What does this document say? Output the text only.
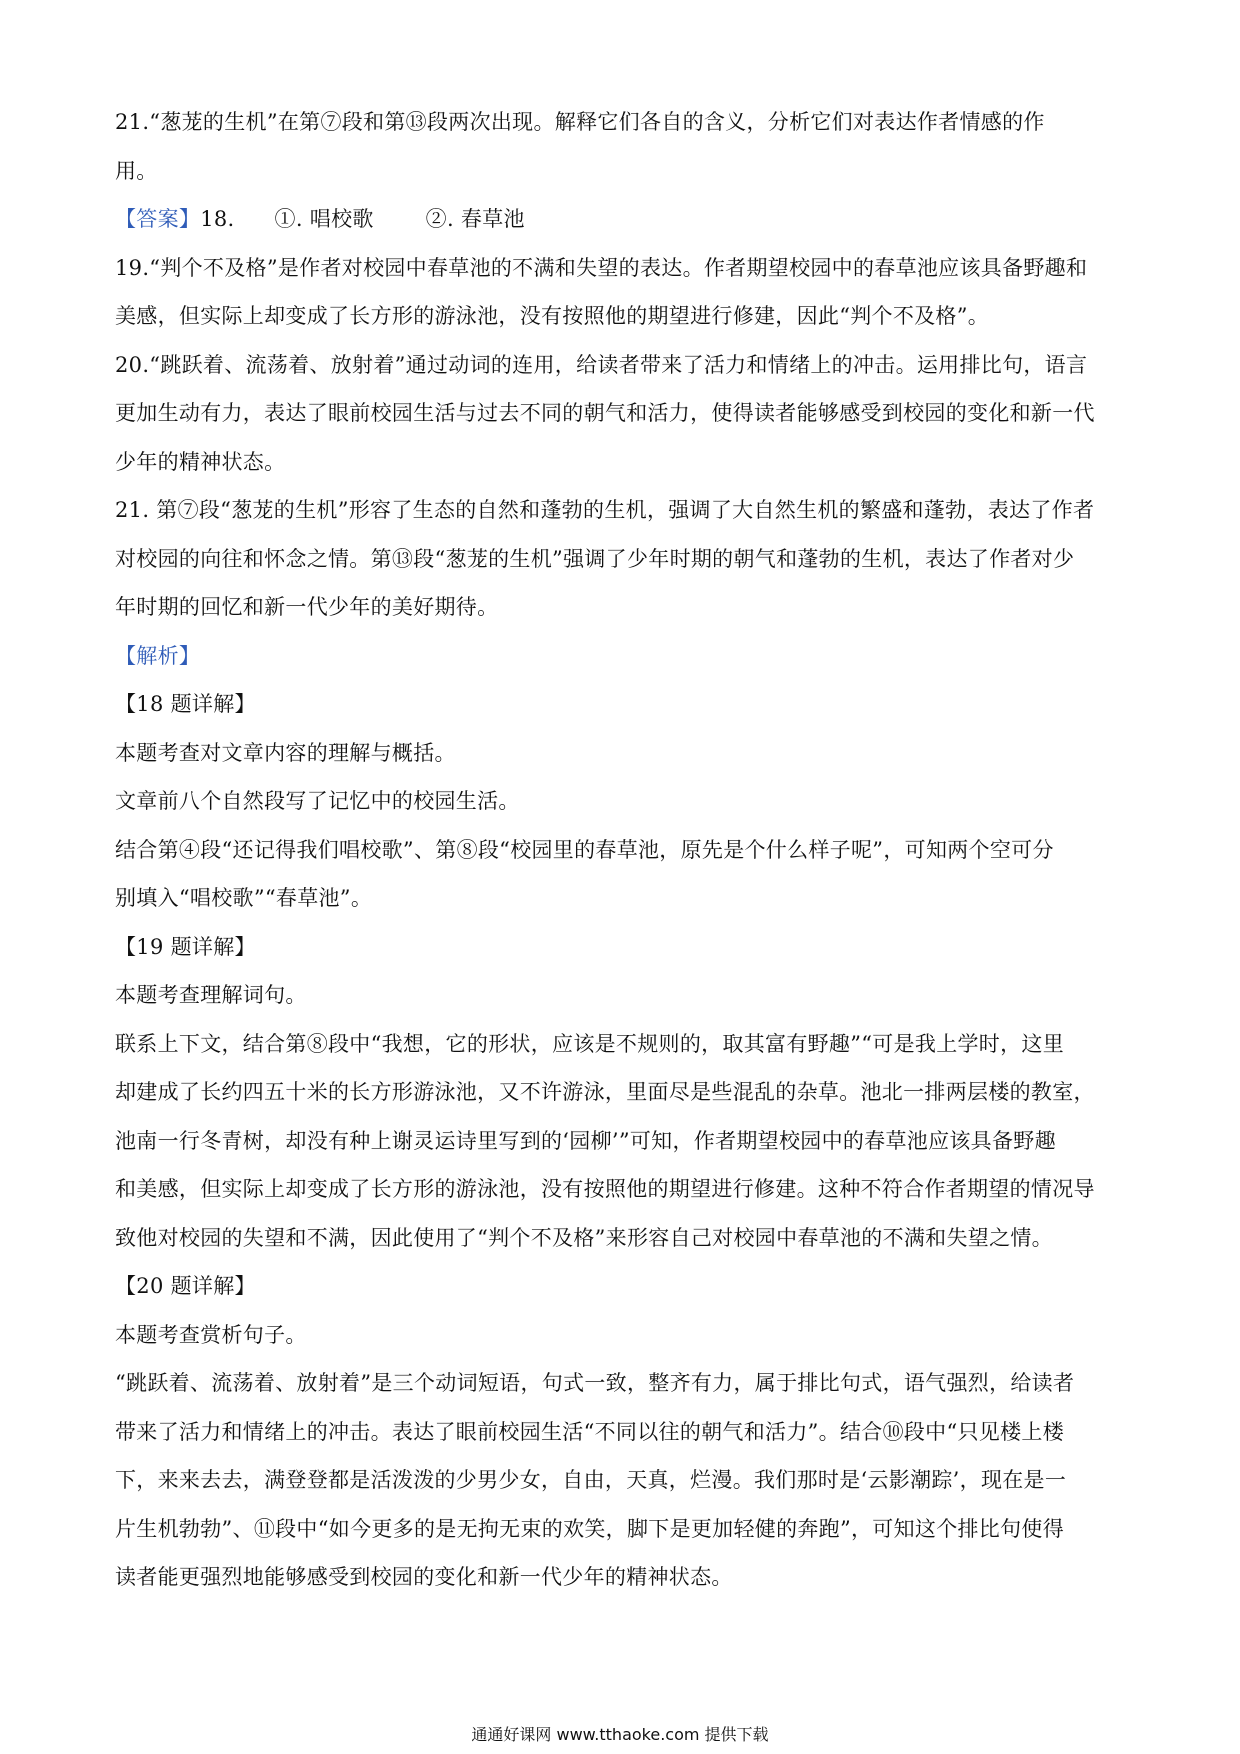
21.“葱茏的生机”在第⑦段和第⑬段两次出现。解释它们各自的含义，分析它们对表达作者情感的作

用。

【答案】18. ①. 唱校歌 ②. 春草池

19.“判个不及格”是作者对校园中春草池的不满和失望的表达。作者期望校园中的春草池应该具备野趣和

美感，但实际上却变成了长方形的游泳池，没有按照他的期望进行修建，因此“判个不及格”。

20.“跳跃着、流荡着、放射着”通过动词的连用，给读者带来了活力和情绪上的冲击。运用排比句，语言

更加生动有力，表达了眼前校园生活与过去不同的朝气和活力，使得读者能够感受到校园的变化和新一代

少年的精神状态。

21. 第⑦段“葱茏的生机”形容了生态的自然和蓬勃的生机，强调了大自然生机的繁盛和蓬勃，表达了作者

对校园的向往和怀念之情。第⑬段“葱茏的生机”强调了少年时期的朝气和蓬勃的生机，表达了作者对少

年时期的回忆和新一代少年的美好期待。

【解析】

【18 题详解】

本题考查对文章内容的理解与概括。

文章前八个自然段写了记忆中的校园生活。

结合第④段“还记得我们唱校歌”、第⑧段“校园里的春草池，原先是个什么样子呢”，可知两个空可分

别填入“唱校歌”“春草池”。

【19 题详解】

本题考查理解词句。

联系上下文，结合第⑧段中“我想，它的形状，应该是不规则的，取其富有野趣”“可是我上学时，这里

却建成了长约四五十米的长方形游泳池，又不许游泳，里面尽是些混乱的杂草。池北一排两层楼的教室，

池南一行冬青树，却没有种上谢灵运诗里写到的‘园柳’”可知，作者期望校园中的春草池应该具备野趣

和美感，但实际上却变成了长方形的游泳池，没有按照他的期望进行修建。这种不符合作者期望的情况导

致他对校园的失望和不满，因此使用了“判个不及格”来形容自己对校园中春草池的不满和失望之情。

【20 题详解】

本题考查赏析句子。

“跳跃着、流荡着、放射着”是三个动词短语，句式一致，整齐有力，属于排比句式，语气强烈，给读者

带来了活力和情绪上的冲击。表达了眼前校园生活“不同以往的朝气和活力”。结合⑩段中“只见楼上楼

下，来来去去，满登登都是活泼泼的少男少女，自由，天真，烂漫。我们那时是‘云影潮踪’，现在是一

片生机勃勃”、⑪段中“如今更多的是无拘无束的欢笑，脚下是更加轻健的奔跑”，可知这个排比句使得

读者能更强烈地能够感受到校园的变化和新一代少年的精神状态。

通通好课网 www.tthaoke.com 提供下载
